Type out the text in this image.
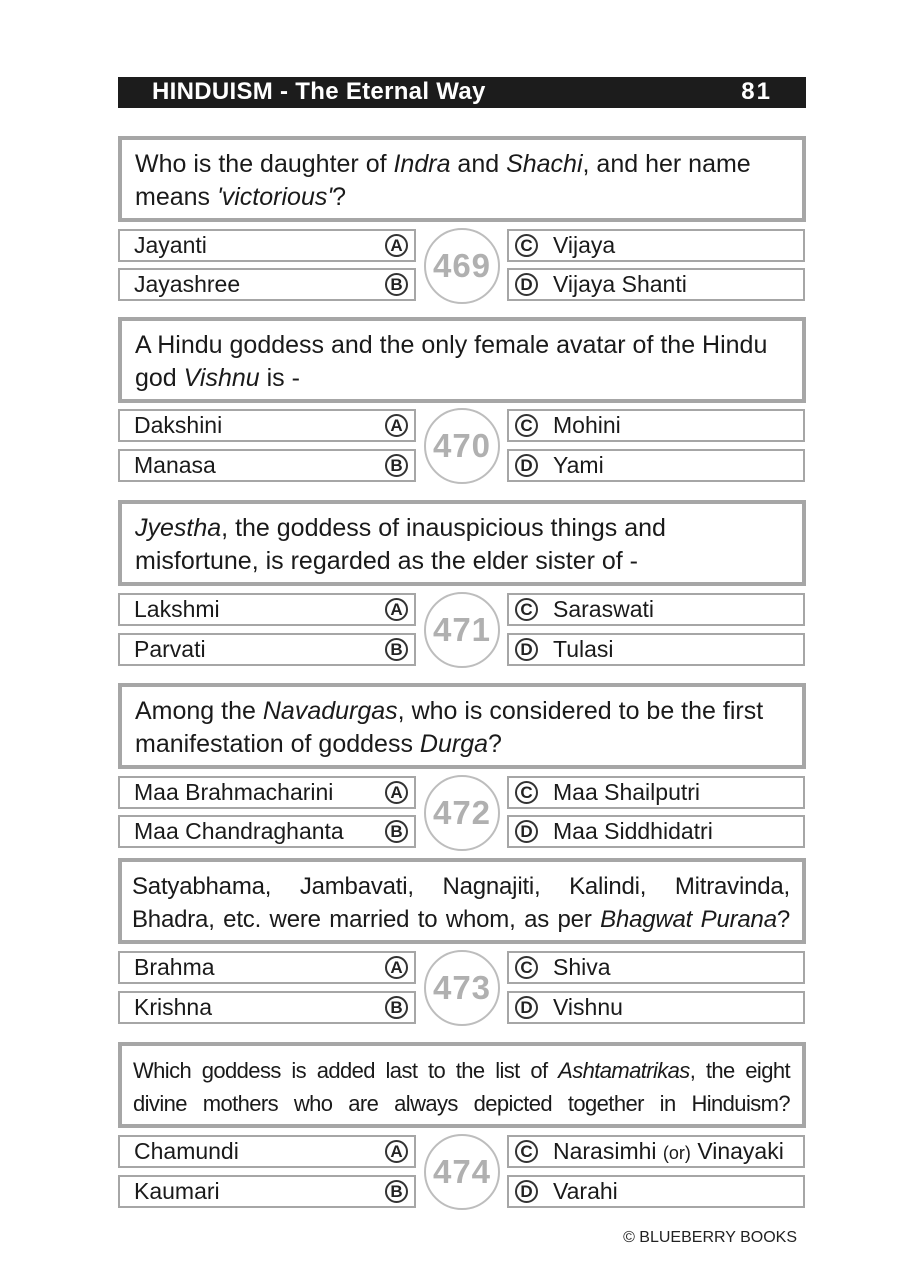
HINDUISM - The Eternal Way	81
Who is the daughter of Indra and Shachi, and her name means 'victorious'?
Jayanti	A
Jayashree	B
C Vijaya
D Vijaya Shanti
469
A Hindu goddess and the only female avatar of the Hindu god Vishnu is -
Dakshini	A
Manasa	B
C Mohini
D Yami
470
Jyestha, the goddess of inauspicious things and misfortune, is regarded as the elder sister of -
Lakshmi	A
Parvati	B
C Saraswati
D Tulasi
471
Among the Navadurgas, who is considered to be the first manifestation of goddess Durga?
Maa Brahmacharini	A
Maa Chandraghanta	B
C Maa Shailputri
D Maa Siddhidatri
472
Satyabhama, Jambavati, Nagnajiti, Kalindi, Mitravinda, Bhadra, etc. were married to whom, as per Bhagwat Purana?
Brahma	A
Krishna	B
C Shiva
D Vishnu
473
Which goddess is added last to the list of Ashtamatrikas, the eight divine mothers who are always depicted together in Hinduism?
Chamundi	A
Kaumari	B
C Narasimhi (or) Vinayaki
D Varahi
474
© BLUEBERRY BOOKS
